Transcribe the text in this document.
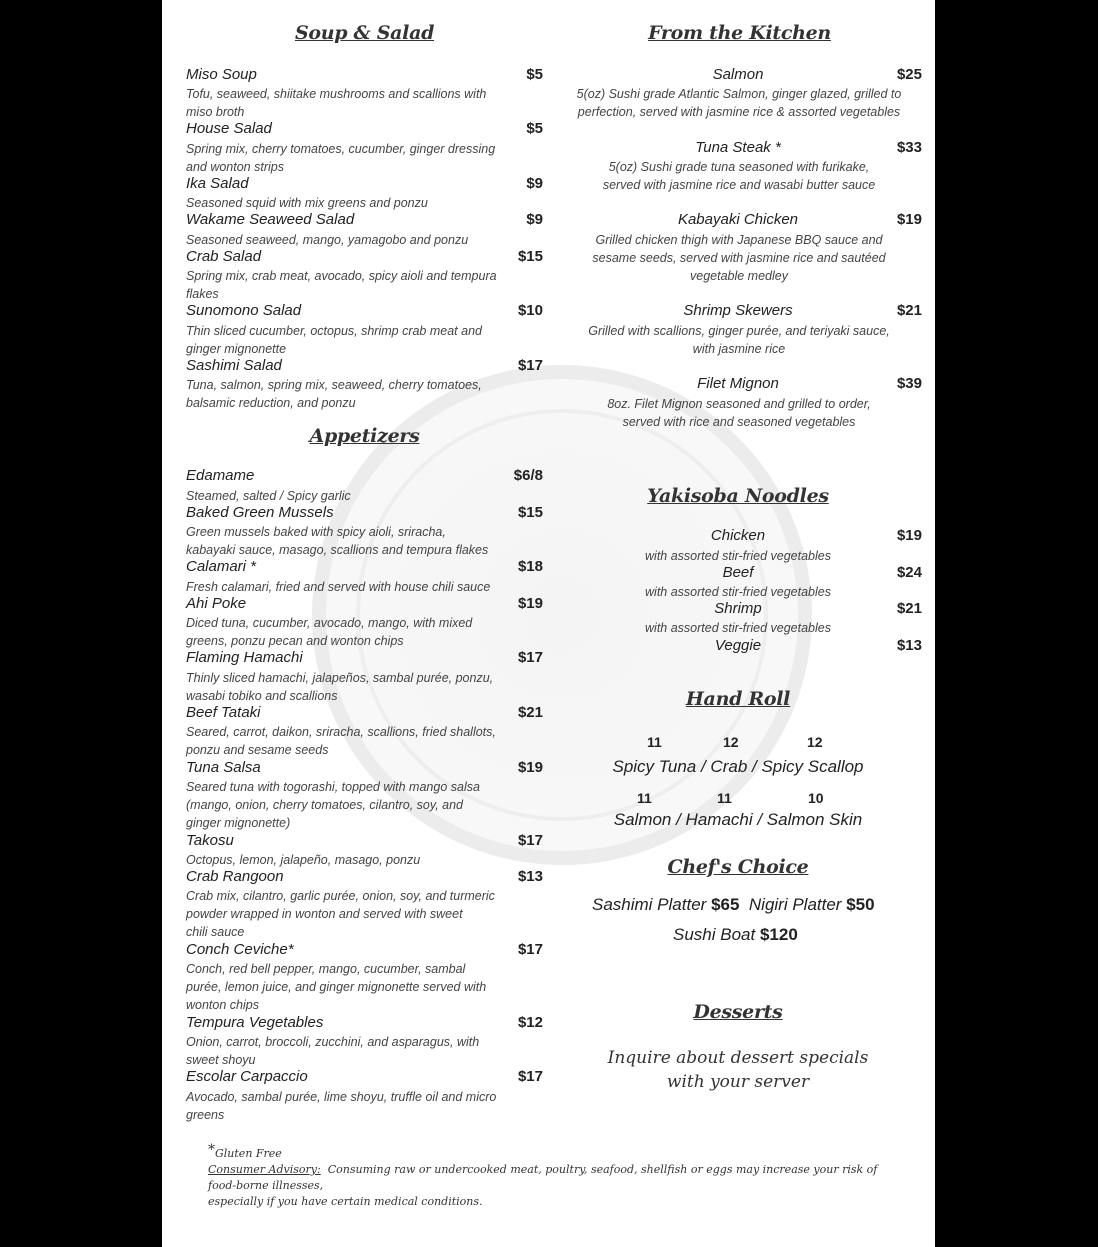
Soup & Salad
Miso Soup	$5
Tofu, seaweed, shiitake mushrooms and scallions with
miso broth
House Salad	$5
Spring mix, cherry tomatoes, cucumber, ginger dressing
and wonton strips
Ika Salad	$9
Seasoned squid with mix greens and ponzu
Wakame Seaweed Salad	$9
Seasoned seaweed, mango, yamagobo and ponzu
Crab Salad	$15
Spring mix, crab meat, avocado, spicy aioli and tempura
flakes
Sunomono Salad	$10
Thin sliced cucumber, octopus, shrimp crab meat and
ginger mignonette
Sashimi Salad	$17
Tuna, salmon, spring mix, seaweed, cherry tomatoes,
balsamic reduction, and ponzu
Appetizers
Edamame	$6/8
Steamed, salted / Spicy garlic
Baked Green Mussels	$15
Green mussels baked with spicy aioli, sriracha,
kabayaki sauce, masago, scallions and tempura flakes
Calamari *	$18
Fresh calamari, fried and served with house chili sauce
Ahi Poke	$19
Diced tuna, cucumber, avocado, mango, with mixed
greens, ponzu pecan and wonton chips
Flaming Hamachi	$17
Thinly sliced hamachi, jalapeños, sambal purée, ponzu,
wasabi tobiko and scallions
Beef Tataki	$21
Seared, carrot, daikon, sriracha, scallions, fried shallots,
ponzu and sesame seeds
Tuna Salsa	$19
Seared tuna with togorashi, topped with mango salsa
(mango, onion, cherry tomatoes, cilantro, soy, and
ginger mignonette)
Takosu	$17
Octopus, lemon, jalapeño, masago, ponzu
Crab Rangoon	$13
Crab mix, cilantro, garlic purée, onion, soy, and turmeric
powder wrapped in wonton and served with sweet
chili sauce
Conch Ceviche*	$17
Conch, red bell pepper, mango, cucumber, sambal
purée, lemon juice, and ginger mignonette served with
wonton chips
Tempura Vegetables	$12
Onion, carrot, broccoli, zucchini, and asparagus, with
sweet shoyu
Escolar Carpaccio	$17
Avocado, sambal purée, lime shoyu, truffle oil and micro
greens
From the Kitchen
Salmon	$25
5(oz) Sushi grade Atlantic Salmon, ginger glazed, grilled to
perfection, served with jasmine rice & assorted vegetables
Tuna Steak *	$33
5(oz) Sushi grade tuna seasoned with furikake,
served with jasmine rice and wasabi butter sauce
Kabayaki Chicken	$19
Grilled chicken thigh with Japanese BBQ sauce and
sesame seeds, served with jasmine rice and sautéed
vegetable medley
Shrimp Skewers	$21
Grilled with scallions, ginger purée, and teriyaki sauce,
with jasmine rice
Filet Mignon	$39
8oz. Filet Mignon seasoned and grilled to order,
served with rice and seasoned vegetables
Yakisoba Noodles
Chicken	$19
with assorted stir-fried vegetables
Beef	$24
with assorted stir-fried vegetables
Shrimp	$21
with assorted stir-fried vegetables
Veggie	$13
Hand Roll
11	12	12
Spicy Tuna / Crab / Spicy Scallop
11	11	10
Salmon / Hamachi / Salmon Skin
Chef's Choice
Sashimi Platter $65 Nigiri Platter $50
Sushi Boat $120
Desserts
Inquire about dessert specials
with your server
*Gluten Free
Consumer Advisory: Consuming raw or undercooked meat, poultry, seafood, shellfish or eggs may increase your risk of food-borne illnesses,
especially if you have certain medical conditions.
